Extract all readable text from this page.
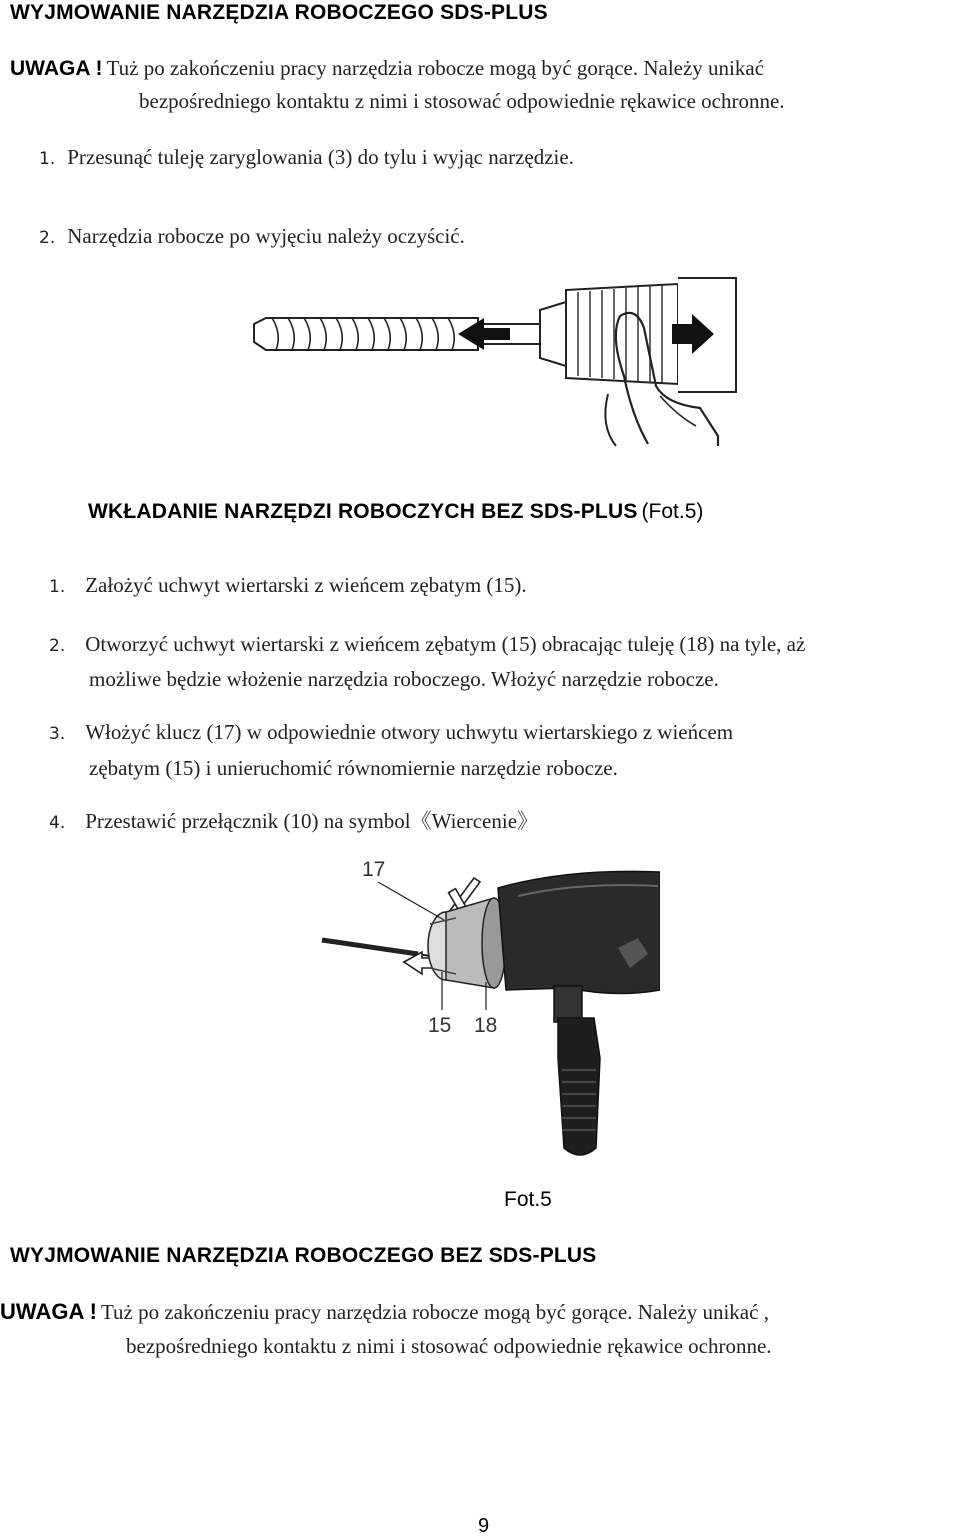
WYJMOWANIE NARZĘDZIA ROBOCZEGO SDS-PLUS
UWAGA ! Tuż po zakończeniu pracy narzędzia robocze mogą być gorące. Należy unikać
bezpośredniego kontaktu z nimi i stosować odpowiednie rękawice ochronne.
1. Przesunąć tuleję zaryglowania (3) do tylu i wyjąc narzędzie.
2. Narzędzia robocze po wyjęciu należy oczyścić.
WKŁADANIE NARZĘDZI ROBOCZYCH BEZ SDS-PLUS (Fot.5)
1. Założyć uchwyt wiertarski z wieńcem zębatym (15).
2. Otworzyć uchwyt wiertarski z wieńcem zębatym (15) obracając tuleję (18) na tyle, aż
możliwe będzie włożenie narzędzia roboczego. Włożyć narzędzie robocze.
3. Włożyć klucz (17) w odpowiednie otwory uchwytu wiertarskiego z wieńcem
zębatym (15) i unieruchomić równomiernie narzędzie robocze.
4. Przestawić przełącznik (10) na symbol《Wiercenie》
17
15 18
Fot.5
WYJMOWANIE NARZĘDZIA ROBOCZEGO BEZ SDS-PLUS
UWAGA ! Tuż po zakończeniu pracy narzędzia robocze mogą być gorące. Należy unikać ,
bezpośredniego kontaktu z nimi i stosować odpowiednie rękawice ochronne.
9
